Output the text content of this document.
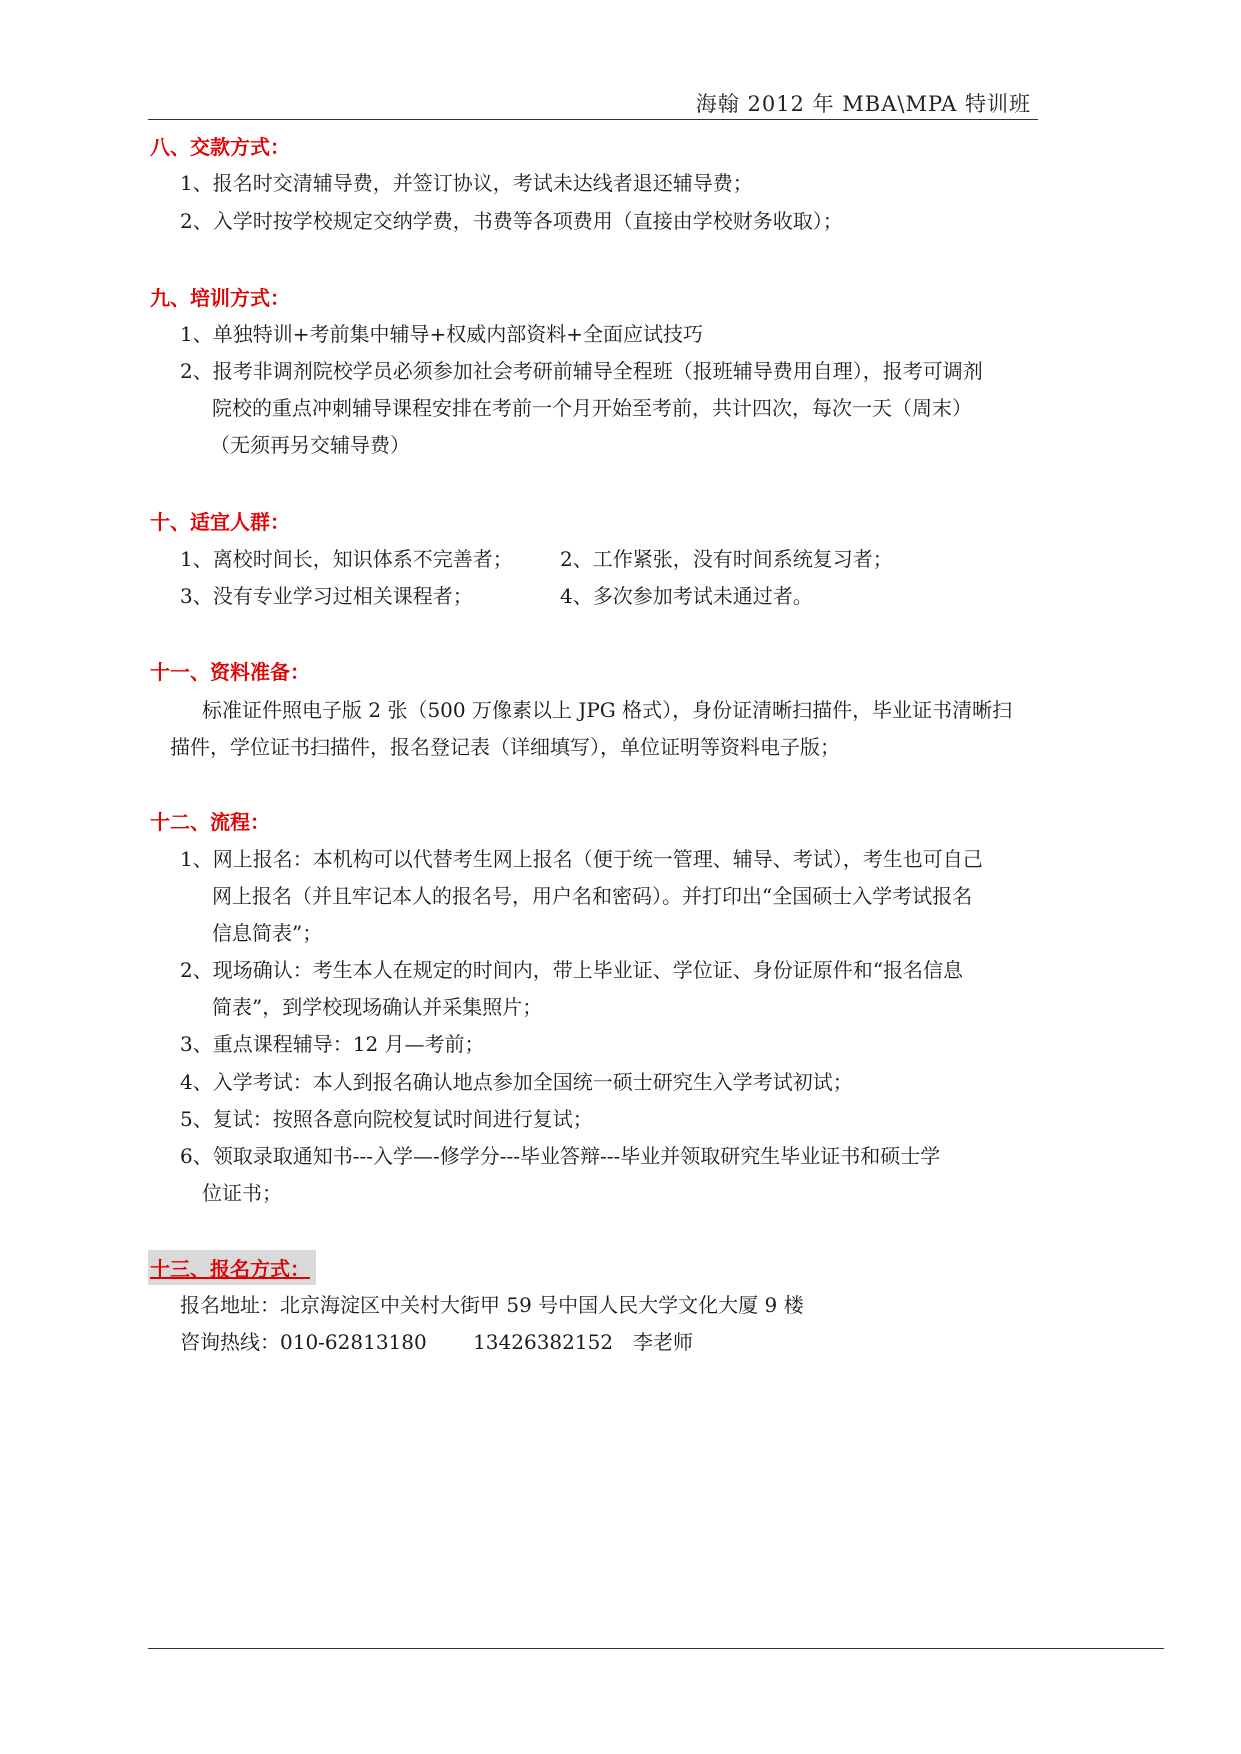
海翰 2012 年 MBA\MPA 特训班
八、交款方式：
1、报名时交清辅导费，并签订协议，考试未达线者退还辅导费；
2、入学时按学校规定交纳学费，书费等各项费用（直接由学校财务收取）；
九、培训方式：
1、单独特训+考前集中辅导+权威内部资料+全面应试技巧
2、报考非调剂院校学员必须参加社会考研前辅导全程班（报班辅导费用自理），报考可调剂
院校的重点冲刺辅导课程安排在考前一个月开始至考前，共计四次，每次一天（周末）
（无须再另交辅导费）
十、适宜人群：
1、离校时间长，知识体系不完善者； 2、工作紧张，没有时间系统复习者；
3、没有专业学习过相关课程者；	4、多次参加考试未通过者。
十一、资料准备：
标准证件照电子版 2 张（500 万像素以上 JPG 格式），身份证清晰扫描件，毕业证书清晰扫
描件，学位证书扫描件，报名登记表（详细填写），单位证明等资料电子版；
十二、流程：
1、网上报名：本机构可以代替考生网上报名（便于统一管理、辅导、考试），考生也可自己
网上报名（并且牢记本人的报名号，用户名和密码）。并打印出“全国硕士入学考试报名
信息简表”；
2、现场确认：考生本人在规定的时间内，带上毕业证、学位证、身份证原件和“报名信息
简表”，到学校现场确认并采集照片；
3、重点课程辅导：12 月—考前；
4、入学考试：本人到报名确认地点参加全国统一硕士研究生入学考试初试；
5、复试：按照各意向院校复试时间进行复试；
6、领取录取通知书---入学—-修学分---毕业答辩---毕业并领取研究生毕业证书和硕士学
位证书；
十三、报名方式：
报名地址：北京海淀区中关村大街甲 59 号中国人民大学文化大厦 9 楼
咨询热线：010-62813180　　 13426382152　李老师
